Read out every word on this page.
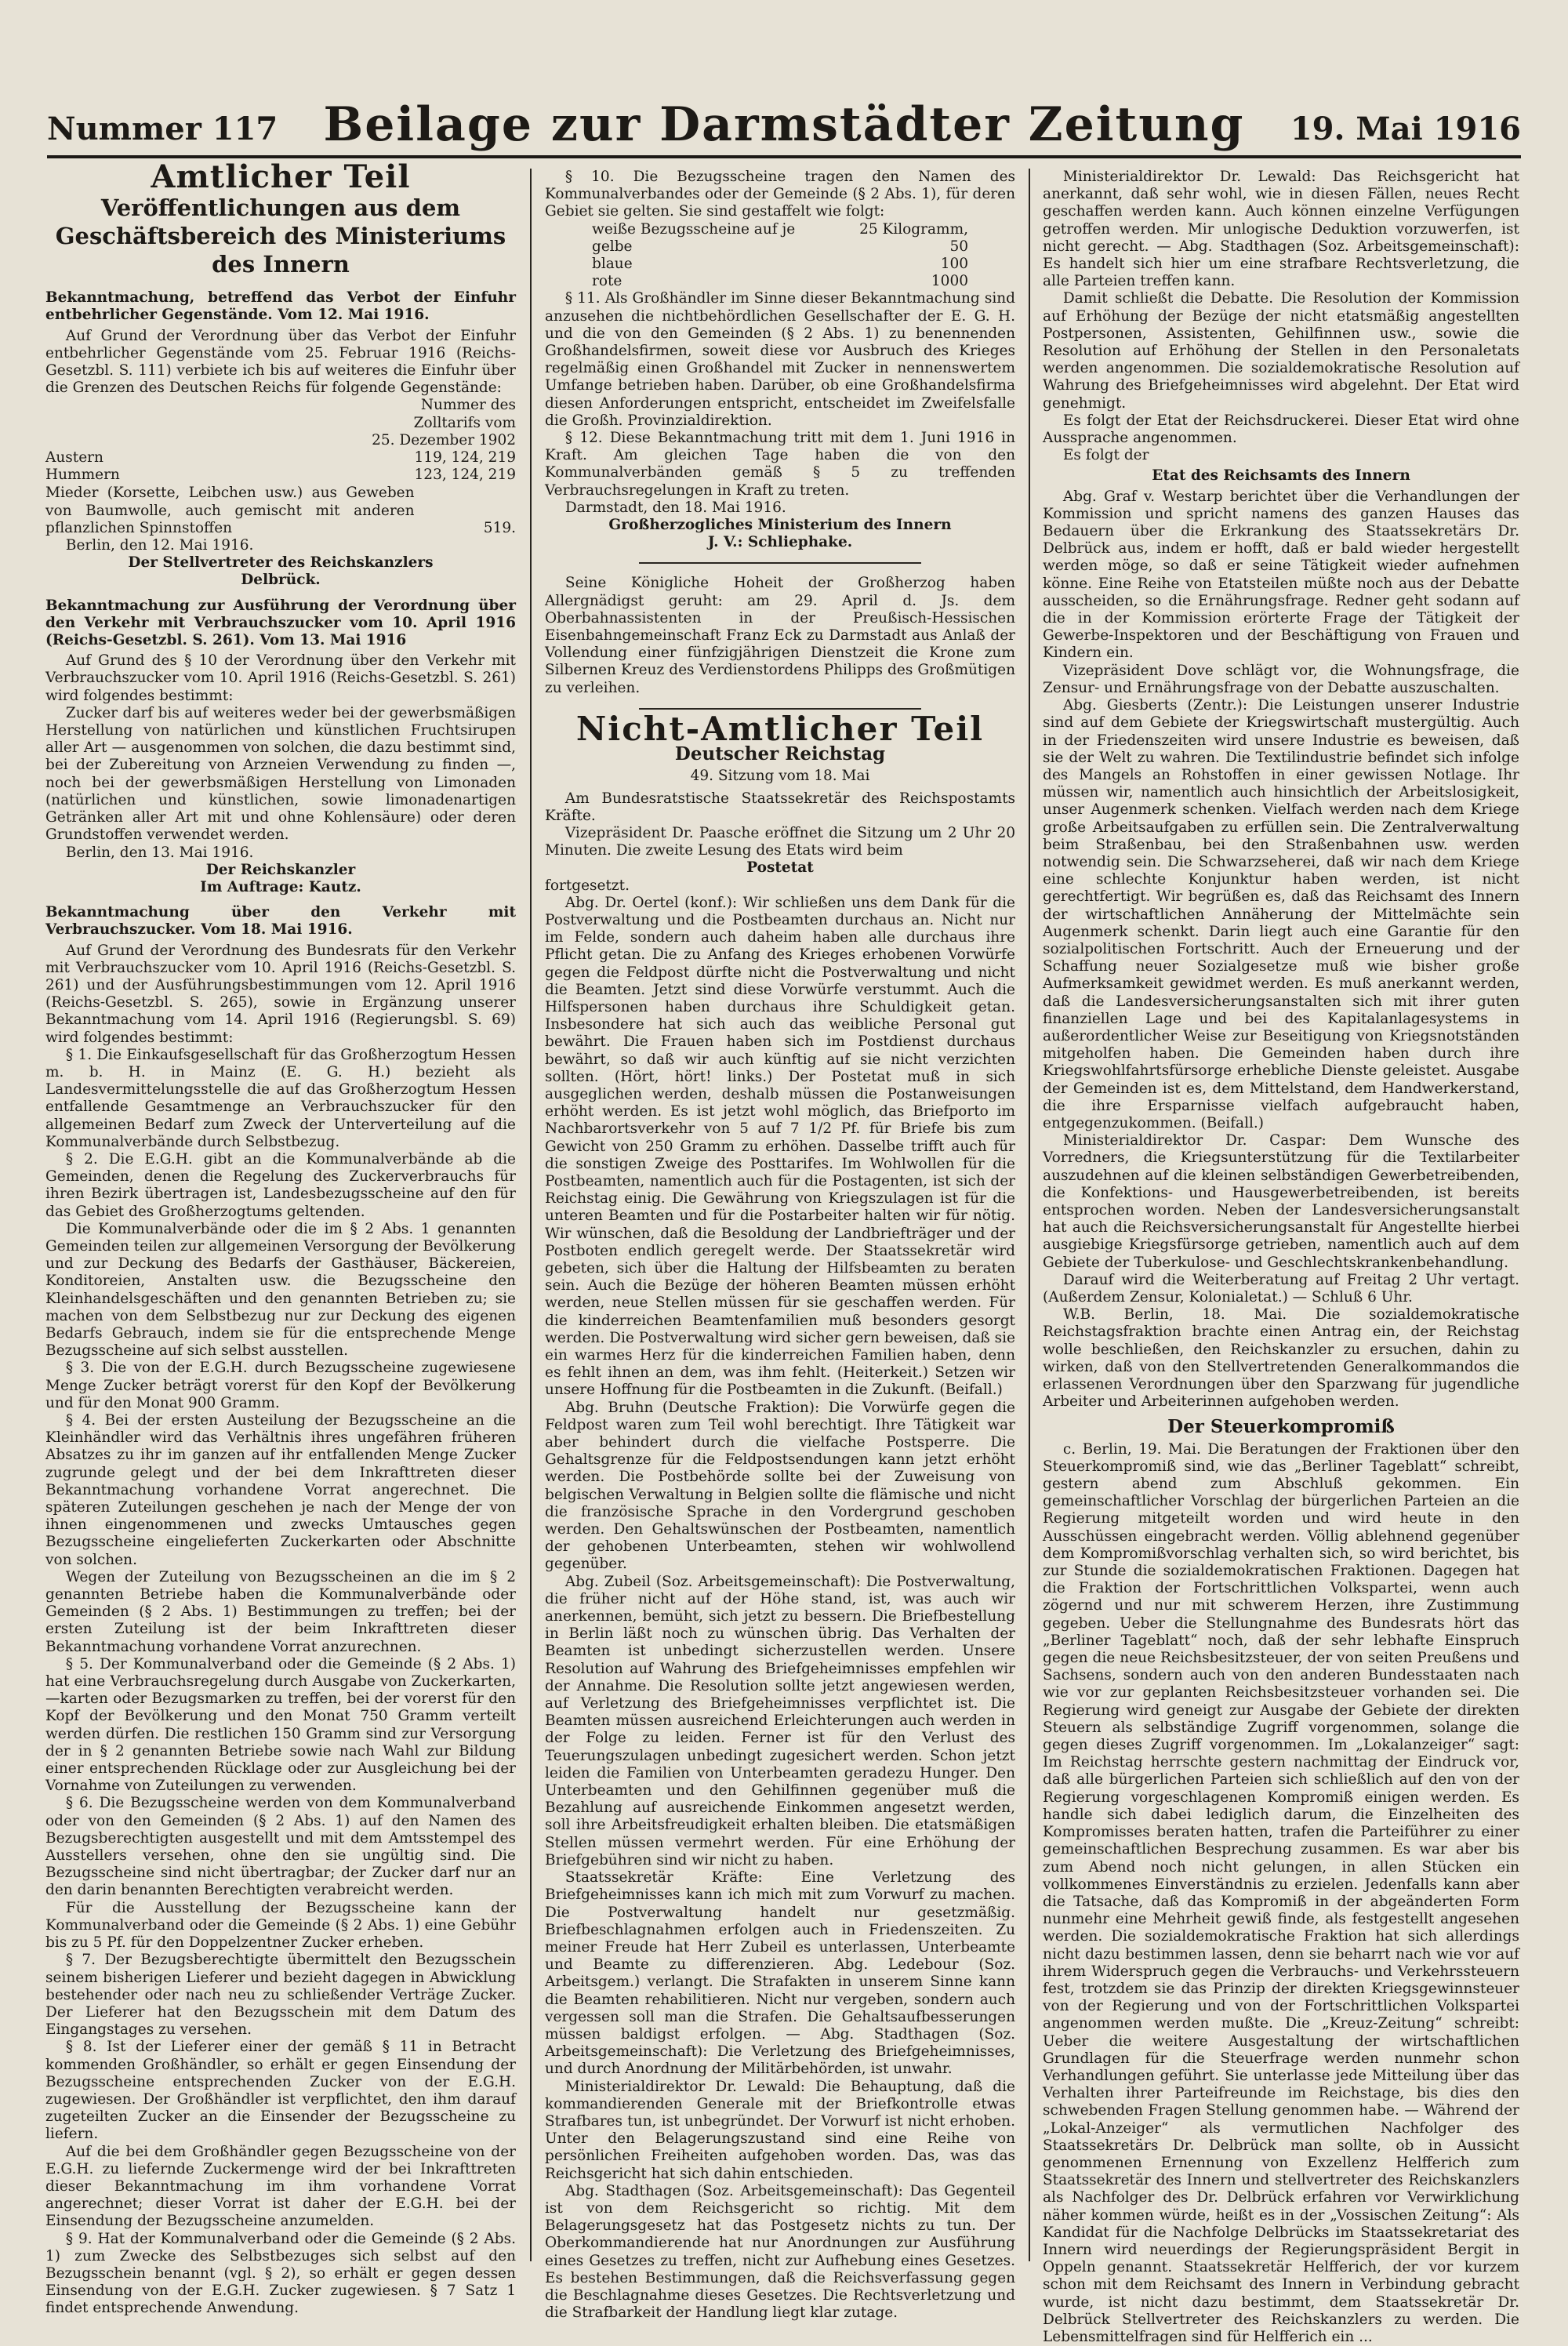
Nummer 117 Beilage zur Darmstädter Zeitung	19. Mai 1916
Amtlicher Teil
Veröffentlichungen aus dem Geschäftsbereich des Ministeriums des Innern

Bekanntmachung, betreffend das Verbot der Einfuhr entbehrlicher Gegenstände. Vom 12. Mai 1916.

Auf Grund der Verordnung über das Verbot der Einfuhr entbehrlicher Gegenstände vom 25. Februar 1916 (Reichs-Gesetzbl. S. 111) verbiete ich bis auf weiteres die Einfuhr über die Grenzen des Deutschen Reichs für folgende Gegenstände:

Nummer des
Zolltarifs vom
25. Dezember 1902
Austern		119, 124, 219
Hummern		123, 124, 219
Mieder (Korsette, Leibchen usw.) aus Geweben von Baumwolle, auch gemischt mit anderen pflanzlichen Spinnstoffen	519.

Berlin, den 12. Mai 1916.

Der Stellvertreter des Reichskanzlers

Delbrück.

Bekanntmachung zur Ausführung der Verordnung über den Verkehr mit Verbrauchszucker vom 10. April 1916 (Reichs-Gesetzbl. S. 261). Vom 13. Mai 1916

Auf Grund des § 10 der Verordnung über den Verkehr mit Verbrauchszucker vom 10. April 1916 (Reichs-Gesetzbl. S. 261) wird folgendes bestimmt:

Zucker darf bis auf weiteres weder bei der gewerbsmäßigen Herstellung von natürlichen und künstlichen Fruchtsirupen aller Art — ausgenommen von solchen, die dazu bestimmt sind, bei der Zubereitung von Arzneien Verwendung zu finden —, noch bei der gewerbsmäßigen Herstellung von Limonaden (natürlichen und künstlichen, sowie limonadenartigen Getränken aller Art mit und ohne Kohlensäure) oder deren Grundstoffen verwendet werden.

Berlin, den 13. Mai 1916.

Der Reichskanzler

Im Auftrage: Kautz.

Bekanntmachung über den Verkehr mit Verbrauchszucker. Vom 18. Mai 1916.

Auf Grund der Verordnung des Bundesrats für den Verkehr mit Verbrauchszucker vom 10. April 1916 (Reichs-Gesetzbl. S. 261) und der Ausführungsbestimmungen vom 12. April 1916 (Reichs-Gesetzbl. S. 265), sowie in Ergänzung unserer Bekanntmachung vom 14. April 1916 (Regierungsbl. S. 69) wird folgendes bestimmt:

§ 1. Die Einkaufsgesellschaft für das Großherzogtum Hessen m. b. H. in Mainz (E. G. H.) bezieht als Landesvermittelungsstelle die auf das Großherzogtum Hessen entfallende Gesamtmenge an Verbrauchszucker für den allgemeinen Bedarf zum Zweck der Unterverteilung auf die Kommunalverbände durch Selbstbezug.

§ 2. Die E.G.H. gibt an die Kommunalverbände ab die Gemeinden, denen die Regelung des Zuckerverbrauchs für ihren Bezirk übertragen ist, Landesbezugsscheine auf den für das Gebiet des Großherzogtums geltenden.

Die Kommunalverbände oder die im § 2 Abs. 1 genannten Gemeinden teilen zur allgemeinen Versorgung der Bevölkerung und zur Deckung des Bedarfs der Gasthäuser, Bäckereien, Konditoreien, Anstalten usw. die Bezugsscheine den Kleinhandelsgeschäften und den genannten Betrieben zu; sie machen von dem Selbstbezug nur zur Deckung des eigenen Bedarfs Gebrauch, indem sie für die entsprechende Menge Bezugsscheine auf sich selbst ausstellen.

§ 3. Die von der E.G.H. durch Bezugsscheine zugewiesene Menge Zucker beträgt vorerst für den Kopf der Bevölkerung und für den Monat 900 Gramm.

§ 4. Bei der ersten Austeilung der Bezugsscheine an die Kleinhändler wird das Verhältnis ihres ungefähren früheren Absatzes zu ihr im ganzen auf ihr entfallenden Menge Zucker zugrunde gelegt und der bei dem Inkrafttreten dieser Bekanntmachung vorhandene Vorrat angerechnet. Die späteren Zuteilungen geschehen je nach der Menge der von ihnen eingenommenen und zwecks Umtausches gegen Bezugsscheine eingelieferten Zuckerkarten oder Abschnitte von solchen.

Wegen der Zuteilung von Bezugsscheinen an die im § 2 genannten Betriebe haben die Kommunalverbände oder Gemeinden (§ 2 Abs. 1) Bestimmungen zu treffen; bei der ersten Zuteilung ist der beim Inkrafttreten dieser Bekanntmachung vorhandene Vorrat anzurechnen.

§ 5. Der Kommunalverband oder die Gemeinde (§ 2 Abs. 1) hat eine Verbrauchsregelung durch Ausgabe von Zuckerkarten, —karten oder Bezugsmarken zu treffen, bei der vorerst für den Kopf der Bevölkerung und den Monat 750 Gramm verteilt werden dürfen. Die restlichen 150 Gramm sind zur Versorgung der in § 2 genannten Betriebe sowie nach Wahl zur Bildung einer entsprechenden Rücklage oder zur Ausgleichung bei der Vornahme von Zuteilungen zu verwenden.

§ 6. Die Bezugsscheine werden von dem Kommunalverband oder von den Gemeinden (§ 2 Abs. 1) auf den Namen des Bezugsberechtigten ausgestellt und mit dem Amtsstempel des Ausstellers versehen, ohne den sie ungültig sind. Die Bezugsscheine sind nicht übertragbar; der Zucker darf nur an den darin benannten Berechtigten verabreicht werden.

Für die Ausstellung der Bezugsscheine kann der Kommunalverband oder die Gemeinde (§ 2 Abs. 1) eine Gebühr bis zu 5 Pf. für den Doppelzentner Zucker erheben.

§ 7. Der Bezugsberechtigte übermittelt den Bezugsschein seinem bisherigen Lieferer und bezieht dagegen in Abwicklung bestehender oder nach neu zu schließender Verträge Zucker. Der Lieferer hat den Bezugsschein mit dem Datum des Eingangstages zu versehen.

§ 8. Ist der Lieferer einer der gemäß § 11 in Betracht kommenden Großhändler, so erhält er gegen Einsendung der Bezugsscheine entsprechenden Zucker von der E.G.H. zugewiesen. Der Großhändler ist verpflichtet, den ihm darauf zugeteilten Zucker an die Einsender der Bezugsscheine zu liefern.

Auf die bei dem Großhändler gegen Bezugsscheine von der E.G.H. zu liefernde Zuckermenge wird der bei Inkrafttreten dieser Bekanntmachung im ihm vorhandene Vorrat angerechnet; dieser Vorrat ist daher der E.G.H. bei der Einsendung der Bezugsscheine anzumelden.

§ 9. Hat der Kommunalverband oder die Gemeinde (§ 2 Abs. 1) zum Zwecke des Selbstbezuges sich selbst auf den Bezugsschein benannt (vgl. § 2), so erhält er gegen dessen Einsendung von der E.G.H. Zucker zugewiesen. § 7 Satz 1 findet entsprechende Anwendung.

§ 10. Die Bezugsscheine tragen den Namen des Kommunalverbandes oder der Gemeinde (§ 2 Abs. 1), für deren Gebiet sie gelten. Sie sind gestaffelt wie folgt:

weiße Bezugsscheine auf je	25 Kilogramm,
gelbe	50
blaue	100
rote	1000

§ 11. Als Großhändler im Sinne dieser Bekanntmachung sind anzusehen die nichtbehördlichen Gesellschafter der E. G. H. und die von den Gemeinden (§ 2 Abs. 1) zu benennenden Großhandelsfirmen, soweit diese vor Ausbruch des Krieges regelmäßig einen Großhandel mit Zucker in nennenswertem Umfange betrieben haben. Darüber, ob eine Großhandelsfirma diesen Anforderungen entspricht, entscheidet im Zweifelsfalle die Großh. Provinzialdirektion.

§ 12. Diese Bekanntmachung tritt mit dem 1. Juni 1916 in Kraft. Am gleichen Tage haben die von den Kommunalverbänden gemäß § 5 zu treffenden Verbrauchsregelungen in Kraft zu treten.

Darmstadt, den 18. Mai 1916.

Großherzogliches Ministerium des Innern

J. V.: Schliephake.

Seine Königliche Hoheit der Großherzog haben Allergnädigst geruht: am 29. April d. Js. dem Oberbahnassistenten in der Preußisch-Hessischen Eisenbahngemeinschaft Franz Eck zu Darmstadt aus Anlaß der Vollendung einer fünfzigjährigen Dienstzeit die Krone zum Silbernen Kreuz des Verdienstordens Philipps des Großmütigen zu verleihen.

Nicht-Amtlicher Teil
Deutscher Reichstag
49. Sitzung vom 18. Mai

Am Bundesratstische Staatssekretär des Reichspostamts Kräfte.

Vizepräsident Dr. Paasche eröffnet die Sitzung um 2 Uhr 20 Minuten. Die zweite Lesung des Etats wird beim

Postetat

fortgesetzt.

Abg. Dr. Oertel (konf.): Wir schließen uns dem Dank für die Postverwaltung und die Postbeamten durchaus an. Nicht nur im Felde, sondern auch daheim haben alle durchaus ihre Pflicht getan. Die zu Anfang des Krieges erhobenen Vorwürfe gegen die Feldpost dürfte nicht die Postverwaltung und nicht die Beamten. Jetzt sind diese Vorwürfe verstummt. Auch die Hilfspersonen haben durchaus ihre Schuldigkeit getan. Insbesondere hat sich auch das weibliche Personal gut bewährt. Die Frauen haben sich im Postdienst durchaus bewährt, so daß wir auch künftig auf sie nicht verzichten sollten. (Hört, hört! links.) Der Postetat muß in sich ausgeglichen werden, deshalb müssen die Postanweisungen erhöht werden. Es ist jetzt wohl möglich, das Briefporto im Nachbarortsverkehr von 5 auf 7 1/2 Pf. für Briefe bis zum Gewicht von 250 Gramm zu erhöhen. Dasselbe trifft auch für die sonstigen Zweige des Posttarifes. Im Wohlwollen für die Postbeamten, namentlich auch für die Postagenten, ist sich der Reichstag einig. Die Gewährung von Kriegszulagen ist für die unteren Beamten und für die Postarbeiter halten wir für nötig. Wir wünschen, daß die Besoldung der Landbriefträger und der Postboten endlich geregelt werde. Der Staatssekretär wird gebeten, sich über die Haltung der Hilfsbeamten zu beraten sein. Auch die Bezüge der höheren Beamten müssen erhöht werden, neue Stellen müssen für sie geschaffen werden. Für die kinderreichen Beamtenfamilien muß besonders gesorgt werden. Die Postverwaltung wird sicher gern beweisen, daß sie ein warmes Herz für die kinderreichen Familien haben, denn es fehlt ihnen an dem, was ihm fehlt. (Heiterkeit.) Setzen wir unsere Hoffnung für die Postbeamten in die Zukunft. (Beifall.)

Abg. Bruhn (Deutsche Fraktion): Die Vorwürfe gegen die Feldpost waren zum Teil wohl berechtigt. Ihre Tätigkeit war aber behindert durch die vielfache Postsperre. Die Gehaltsgrenze für die Feldpostsendungen kann jetzt erhöht werden. Die Postbehörde sollte bei der Zuweisung von belgischen Verwaltung in Belgien sollte die flämische und nicht die französische Sprache in den Vordergrund geschoben werden. Den Gehaltswünschen der Postbeamten, namentlich der gehobenen Unterbeamten, stehen wir wohlwollend gegenüber.

Abg. Zubeil (Soz. Arbeitsgemeinschaft): Die Postverwaltung, die früher nicht auf der Höhe stand, ist, was auch wir anerkennen, bemüht, sich jetzt zu bessern. Die Briefbestellung in Berlin läßt noch zu wünschen übrig. Das Verhalten der Beamten ist unbedingt sicherzustellen werden. Unsere Resolution auf Wahrung des Briefgeheimnisses empfehlen wir der Annahme. Die Resolution sollte jetzt angewiesen werden, auf Verletzung des Briefgeheimnisses verpflichtet ist. Die Beamten müssen ausreichend Erleichterungen auch werden in der Folge zu leiden. Ferner ist für den Verlust des Teuerungszulagen unbedingt zugesichert werden. Schon jetzt leiden die Familien von Unterbeamten geradezu Hunger. Den Unterbeamten und den Gehilfinnen gegenüber muß die Bezahlung auf ausreichende Einkommen angesetzt werden, soll ihre Arbeitsfreudigkeit erhalten bleiben. Die etatsmäßigen Stellen müssen vermehrt werden. Für eine Erhöhung der Briefgebühren sind wir nicht zu haben.

Staatssekretär Kräfte: Eine Verletzung des Briefgeheimnisses kann ich mich mit zum Vorwurf zu machen. Die Postverwaltung handelt nur gesetzmäßig. Briefbeschlagnahmen erfolgen auch in Friedenszeiten. Zu meiner Freude hat Herr Zubeil es unterlassen, Unterbeamte und Beamte zu differenzieren. Abg. Ledebour (Soz. Arbeitsgem.) verlangt. Die Strafakten in unserem Sinne kann die Beamten rehabilitieren. Nicht nur vergeben, sondern auch vergessen soll man die Strafen. Die Gehaltsaufbesserungen müssen baldigst erfolgen. — Abg. Stadthagen (Soz. Arbeitsgemeinschaft): Die Verletzung des Briefgeheimnisses, und durch Anordnung der Militärbehörden, ist unwahr.

Ministerialdirektor Dr. Lewald: Die Behauptung, daß die kommandierenden Generale mit der Briefkontrolle etwas Strafbares tun, ist unbegründet. Der Vorwurf ist nicht erhoben. Unter den Belagerungszustand sind eine Reihe von persönlichen Freiheiten aufgehoben worden. Das, was das Reichsgericht hat sich dahin entschieden.

Abg. Stadthagen (Soz. Arbeitsgemeinschaft): Das Gegenteil ist von dem Reichsgericht so richtig. Mit dem Belagerungsgesetz hat das Postgesetz nichts zu tun. Der Oberkommandierende hat nur Anordnungen zur Ausführung eines Gesetzes zu treffen, nicht zur Aufhebung eines Gesetzes. Es bestehen Bestimmungen, daß die Reichsverfassung gegen die Beschlagnahme dieses Gesetzes. Die Rechtsverletzung und die Strafbarkeit der Handlung liegt klar zutage.

Ministerialdirektor Dr. Lewald: Das Reichsgericht hat anerkannt, daß sehr wohl, wie in diesen Fällen, neues Recht geschaffen werden kann. Auch können einzelne Verfügungen getroffen werden. Mir unlogische Deduktion vorzuwerfen, ist nicht gerecht. — Abg. Stadthagen (Soz. Arbeitsgemeinschaft): Es handelt sich hier um eine strafbare Rechtsverletzung, die alle Parteien treffen kann.

Damit schließt die Debatte. Die Resolution der Kommission auf Erhöhung der Bezüge der nicht etatsmäßig angestellten Postpersonen, Assistenten, Gehilfinnen usw., sowie die Resolution auf Erhöhung der Stellen in den Personaletats werden angenommen. Die sozialdemokratische Resolution auf Wahrung des Briefgeheimnisses wird abgelehnt. Der Etat wird genehmigt.

Es folgt der Etat der Reichsdruckerei. Dieser Etat wird ohne Aussprache angenommen.

Es folgt der

Etat des Reichsamts des Innern

Abg. Graf v. Westarp berichtet über die Verhandlungen der Kommission und spricht namens des ganzen Hauses das Bedauern über die Erkrankung des Staatssekretärs Dr. Delbrück aus, indem er hofft, daß er bald wieder hergestellt werden möge, so daß er seine Tätigkeit wieder aufnehmen könne. Eine Reihe von Etatsteilen müßte noch aus der Debatte ausscheiden, so die Ernährungsfrage. Redner geht sodann auf die in der Kommission erörterte Frage der Tätigkeit der Gewerbe-Inspektoren und der Beschäftigung von Frauen und Kindern ein.

Vizepräsident Dove schlägt vor, die Wohnungsfrage, die Zensur- und Ernährungsfrage von der Debatte auszuschalten.

Abg. Giesberts (Zentr.): Die Leistungen unserer Industrie sind auf dem Gebiete der Kriegswirtschaft mustergültig. Auch in der Friedenszeiten wird unsere Industrie es beweisen, daß sie der Welt zu wahren. Die Textilindustrie befindet sich infolge des Mangels an Rohstoffen in einer gewissen Notlage. Ihr müssen wir, namentlich auch hinsichtlich der Arbeitslosigkeit, unser Augenmerk schenken. Vielfach werden nach dem Kriege große Arbeitsaufgaben zu erfüllen sein. Die Zentralverwaltung beim Straßenbau, bei den Straßenbahnen usw. werden notwendig sein. Die Schwarzseherei, daß wir nach dem Kriege eine schlechte Konjunktur haben werden, ist nicht gerechtfertigt. Wir begrüßen es, daß das Reichsamt des Innern der wirtschaftlichen Annäherung der Mittelmächte sein Augenmerk schenkt. Darin liegt auch eine Garantie für den sozialpolitischen Fortschritt. Auch der Erneuerung und der Schaffung neuer Sozialgesetze muß wie bisher große Aufmerksamkeit gewidmet werden. Es muß anerkannt werden, daß die Landesversicherungsanstalten sich mit ihrer guten finanziellen Lage und bei des Kapitalanlagesystems in außerordentlicher Weise zur Beseitigung von Kriegsnotständen mitgeholfen haben. Die Gemeinden haben durch ihre Kriegswohlfahrtsfürsorge erhebliche Dienste geleistet. Ausgabe der Gemeinden ist es, dem Mittelstand, dem Handwerkerstand, die ihre Ersparnisse vielfach aufgebraucht haben, entgegenzukommen. (Beifall.)

Ministerialdirektor Dr. Caspar: Dem Wunsche des Vorredners, die Kriegsunterstützung für die Textilarbeiter auszudehnen auf die kleinen selbständigen Gewerbetreibenden, die Konfektions- und Hausgewerbetreibenden, ist bereits entsprochen worden. Neben der Landesversicherungsanstalt hat auch die Reichsversicherungsanstalt für Angestellte hierbei ausgiebige Kriegsfürsorge getrieben, namentlich auch auf dem Gebiete der Tuberkulose- und Geschlechtskrankenbehandlung.

Darauf wird die Weiterberatung auf Freitag 2 Uhr vertagt. (Außerdem Zensur, Kolonialetat.) — Schluß 6 Uhr.

W.B. Berlin, 18. Mai. Die sozialdemokratische Reichstagsfraktion brachte einen Antrag ein, der Reichstag wolle beschließen, den Reichskanzler zu ersuchen, dahin zu wirken, daß von den Stellvertretenden Generalkommandos die erlassenen Verordnungen über den Sparzwang für jugendliche Arbeiter und Arbeiterinnen aufgehoben werden.

Der Steuerkompromiß

c. Berlin, 19. Mai. Die Beratungen der Fraktionen über den Steuerkompromiß sind, wie das „Berliner Tageblatt“ schreibt, gestern abend zum Abschluß gekommen. Ein gemeinschaftlicher Vorschlag der bürgerlichen Parteien an die Regierung mitgeteilt worden und wird heute in den Ausschüssen eingebracht werden. Völlig ablehnend gegenüber dem Kompromißvorschlag verhalten sich, so wird berichtet, bis zur Stunde die sozialdemokratischen Fraktionen. Dagegen hat die Fraktion der Fortschrittlichen Volkspartei, wenn auch zögernd und nur mit schwerem Herzen, ihre Zustimmung gegeben. Ueber die Stellungnahme des Bundesrats hört das „Berliner Tageblatt“ noch, daß der sehr lebhafte Einspruch gegen die neue Reichsbesitzsteuer, der von seiten Preußens und Sachsens, sondern auch von den anderen Bundesstaaten nach wie vor zur geplanten Reichsbesitzsteuer vorhanden sei. Die Regierung wird geneigt zur Ausgabe der Gebiete der direkten Steuern als selbständige Zugriff vorgenommen, solange die gegen dieses Zugriff vorgenommen. Im „Lokalanzeiger“ sagt: Im Reichstag herrschte gestern nachmittag der Eindruck vor, daß alle bürgerlichen Parteien sich schließlich auf den von der Regierung vorgeschlagenen Kompromiß einigen werden. Es handle sich dabei lediglich darum, die Einzelheiten des Kompromisses beraten hatten, trafen die Parteiführer zu einer gemeinschaftlichen Besprechung zusammen. Es war aber bis zum Abend noch nicht gelungen, in allen Stücken ein vollkommenes Einverständnis zu erzielen. Jedenfalls kann aber die Tatsache, daß das Kompromiß in der abgeänderten Form nunmehr eine Mehrheit gewiß finde, als festgestellt angesehen werden. Die sozialdemokratische Fraktion hat sich allerdings nicht dazu bestimmen lassen, denn sie beharrt nach wie vor auf ihrem Widerspruch gegen die Verbrauchs- und Verkehrssteuern fest, trotzdem sie das Prinzip der direkten Kriegsgewinnsteuer von der Regierung und von der Fortschrittlichen Volkspartei angenommen werden mußte. Die „Kreuz-Zeitung“ schreibt: Ueber die weitere Ausgestaltung der wirtschaftlichen Grundlagen für die Steuerfrage werden nunmehr schon Verhandlungen geführt. Sie unterlasse jede Mitteilung über das Verhalten ihrer Parteifreunde im Reichstage, bis dies den schwebenden Fragen Stellung genommen habe. — Während der „Lokal-Anzeiger“ als vermutlichen Nachfolger des Staatssekretärs Dr. Delbrück man sollte, ob in Aussicht genommenen Ernennung von Exzellenz Helfferich zum Staatssekretär des Innern und stellvertreter des Reichskanzlers als Nachfolger des Dr. Delbrück erfahren vor Verwirklichung näher kommen würde, heißt es in der „Vossischen Zeitung“: Als Kandidat für die Nachfolge Delbrücks im Staatssekretariat des Innern wird neuerdings der Regierungspräsident Bergit in Oppeln genannt. Staatssekretär Helfferich, der vor kurzem schon mit dem Reichsamt des Innern in Verbindung gebracht wurde, ist nicht dazu bestimmt, dem Staatssekretär Dr. Delbrück Stellvertreter des Reichskanzlers zu werden. Die Lebensmittelfragen sind für Helfferich ein ...
